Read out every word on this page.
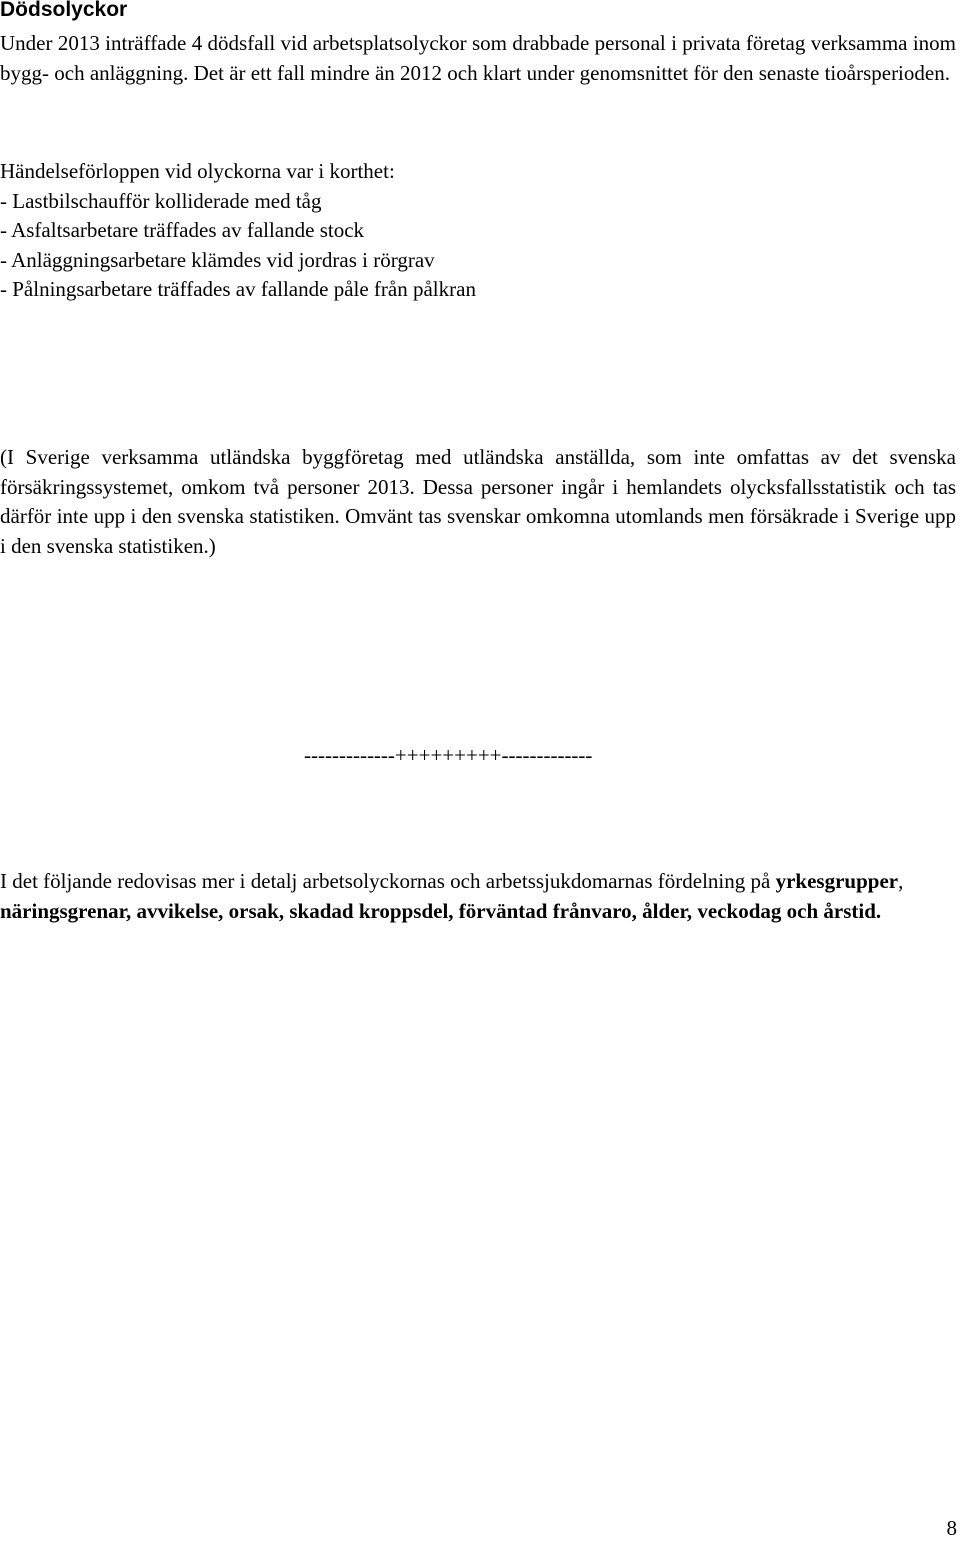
Dödsolyckor

Under 2013 inträffade 4 dödsfall vid arbetsplatsolyckor som drabbade personal i privata företag verksamma inom bygg- och anläggning. Det är ett fall mindre än 2012 och klart under genomsnittet för den senaste tioårsperioden.

Händelseförloppen vid olyckorna var i korthet:
- Lastbilschaufför kolliderade med tåg
- Asfaltsarbetare träffades av fallande stock
- Anläggningsarbetare klämdes vid jordras i rörgrav
- Pålningsarbetare träffades av fallande påle från pålkran

(I Sverige verksamma utländska byggföretag med utländska anställda, som inte omfattas av det svenska försäkringssystemet, omkom två personer 2013. Dessa personer ingår i hemlandets olycksfallsstatistik och tas därför inte upp i den svenska statistiken. Omvänt tas svenskar omkomna utomlands men försäkrade i Sverige upp i den svenska statistiken.)

-------------+++++++++-------------

I det följande redovisas mer i detalj arbetsolyckornas och arbetssjukdomarnas fördelning på yrkesgrupper, näringsgrenar, avvikelse, orsak, skadad kroppsdel, förväntad frånvaro, ålder, veckodag och årstid.

8
